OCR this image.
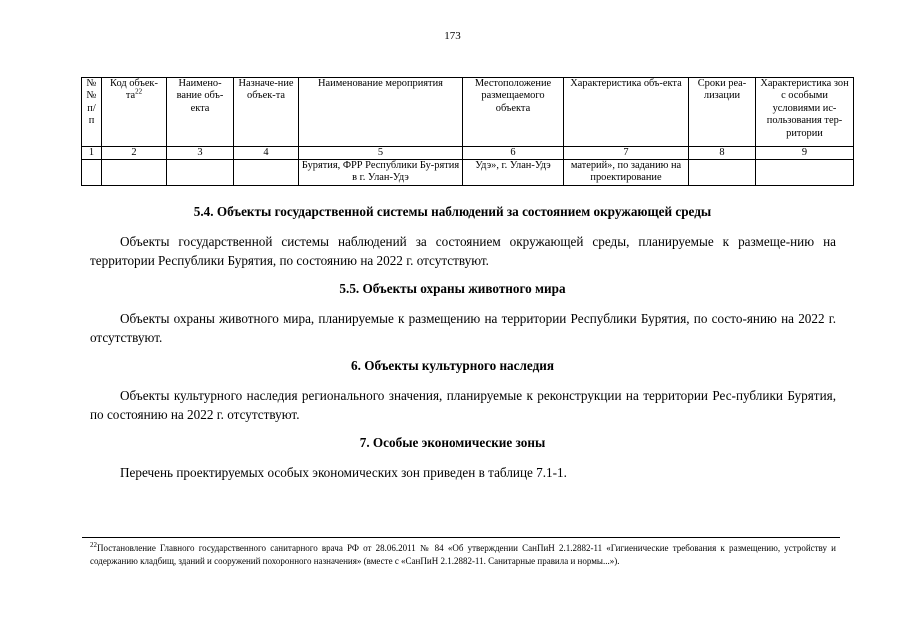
173
№ № п/ п	Код объек-$та^{22}$	Наимено-вание объ-екта	Назначе-ние объек-та	Наименование мероприятия	Местоположение размещаемого объекта	Характеристика объ-екта	Сроки реа-лизации	Характеристика зон с особыми условиями ис-пользования тер-ритории
1	2	3	4	5	6	7	8	9
				Бурятия, ФРР Республики Бу-рятия в г. Улан-Удэ	Удэ», г. Улан-Удэ	материй», по заданию на проектирование		
5.4. Объекты государственной системы наблюдений за состоянием окружающей среды
Объекты государственной системы наблюдений за состоянием окружающей среды, планируемые к размеще-нию на территории Республики Бурятия, по состоянию на 2022 г. отсутствуют.
5.5. Объекты охраны животного мира
Объекты охраны животного мира, планируемые к размещению на территории Республики Бурятия, по состо-янию на 2022 г. отсутствуют.
6. Объекты культурного наследия
Объекты культурного наследия регионального значения, планируемые к реконструкции на территории Рес-публики Бурятия, по состоянию на 2022 г. отсутствуют.
7. Особые экономические зоны
Перечень проектируемых особых экономических зон приведен в таблице 7.1-1.
$^{22}$Постановление Главного государственного санитарного врача РФ от 28.06.2011 № 84 «Об утверждении СанПиН 2.1.2882-11 «Гигиенические требования к размещению, устройству и содержанию кладбищ, зданий и сооружений похоронного назначения» (вместе с «СанПиН 2.1.2882-11. Санитарные правила и нормы...»).
